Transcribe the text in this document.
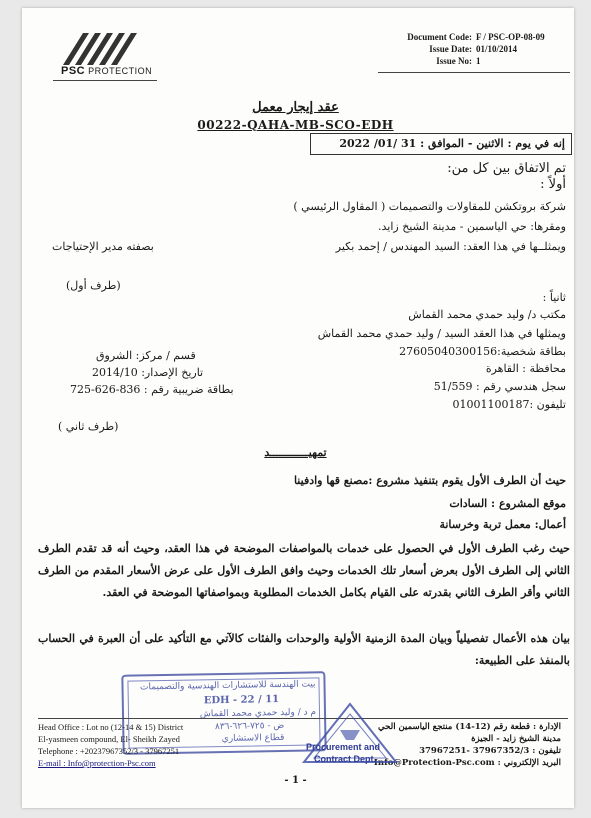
PSC PROTECTION
Document Code: F / PSC-OP-08-09
Issue Date: 01/10/2014
Issue No: 1
عقد إيجار معمل
00222-QAHA-MB-SCO-EDH
إنه في يوم : الاثنين - الموافق : 31 /01/ 2022
تم الاتفاق بين كل من:
أولاً :
شركة بروتكشن للمقاولات والتصميمات ( المقاول الرئيسي )
ومقرها: حي الياسمين - مدينة الشيخ زايد.
ويمثلــها في هذا العقد: السيد المهندس / إحمد بكير
بصفته مدير الإحتياجات
(طرف أول)
ثانياً :
مكتب د/ وليد حمدي محمد القماش
ويمثلها في هذا العقد السيد / وليد حمدي محمد القماش
بطاقة شخصية:27605040300156
محافظة : القاهرة
سجل هندسي رقم : 51/559
تليفون :01001100187
قسم / مركز: الشروق
تاريخ الإصدار: 2014/10
بطاقة ضريبية رقم : 836-626-725
(طرف ثاني )
تمهيــــــــــــد
حيث أن الطرف الأول يقوم بتنفيذ مشروع :مصنع قها وادفينا
موقع المشروع : السادات
أعمال: معمل تربة وخرسانة
حيث رغب الطرف الأول في الحصول على خدمات بالمواصفات الموضحة في هذا العقد، وحيث أنه قد تقدم الطرف الثاني إلى الطرف الأول بعرض أسعار تلك الخدمات وحيث وافق الطرف الأول على عرض الأسعار المقدم من الطرف الثاني وأقر الطرف الثاني بقدرته على القيام بكامل الخدمات المطلوبة وبمواصفاتها الموضحة في العقد.
بيان هذه الأعمال تفصيلياً وبيان المدة الزمنية الأولية والوحدات والفئات كالآتي مع التأكيد على أن العبرة في الحساب بالمنفذ على الطبيعة:
بيت الهندسة للاستشارات الهندسية والتصميمات
EDH - 22 / 11
م د / وليد حمدي محمد القماش
ض - ٧٢٥-٦٢٦-٨٣٦
قطاع الاستشاري
Head Office : Lot no (12-14 & 15) District
El-yasmeen compound, El- Sheikh Zayed
Telephone : +20237967352/3 - 37967251
E-mail : Info@protection-Psc.com
الإدارة : قطعة رقم (12-14) منتجع الياسمين الحي
مدينة الشيخ زايد - الجيزة
تليفون : 37967352/3 -37967251
البريد الإلكتروني : Info@Protection-Psc.com
Procurement and
Contract Dept.
- 1 -
